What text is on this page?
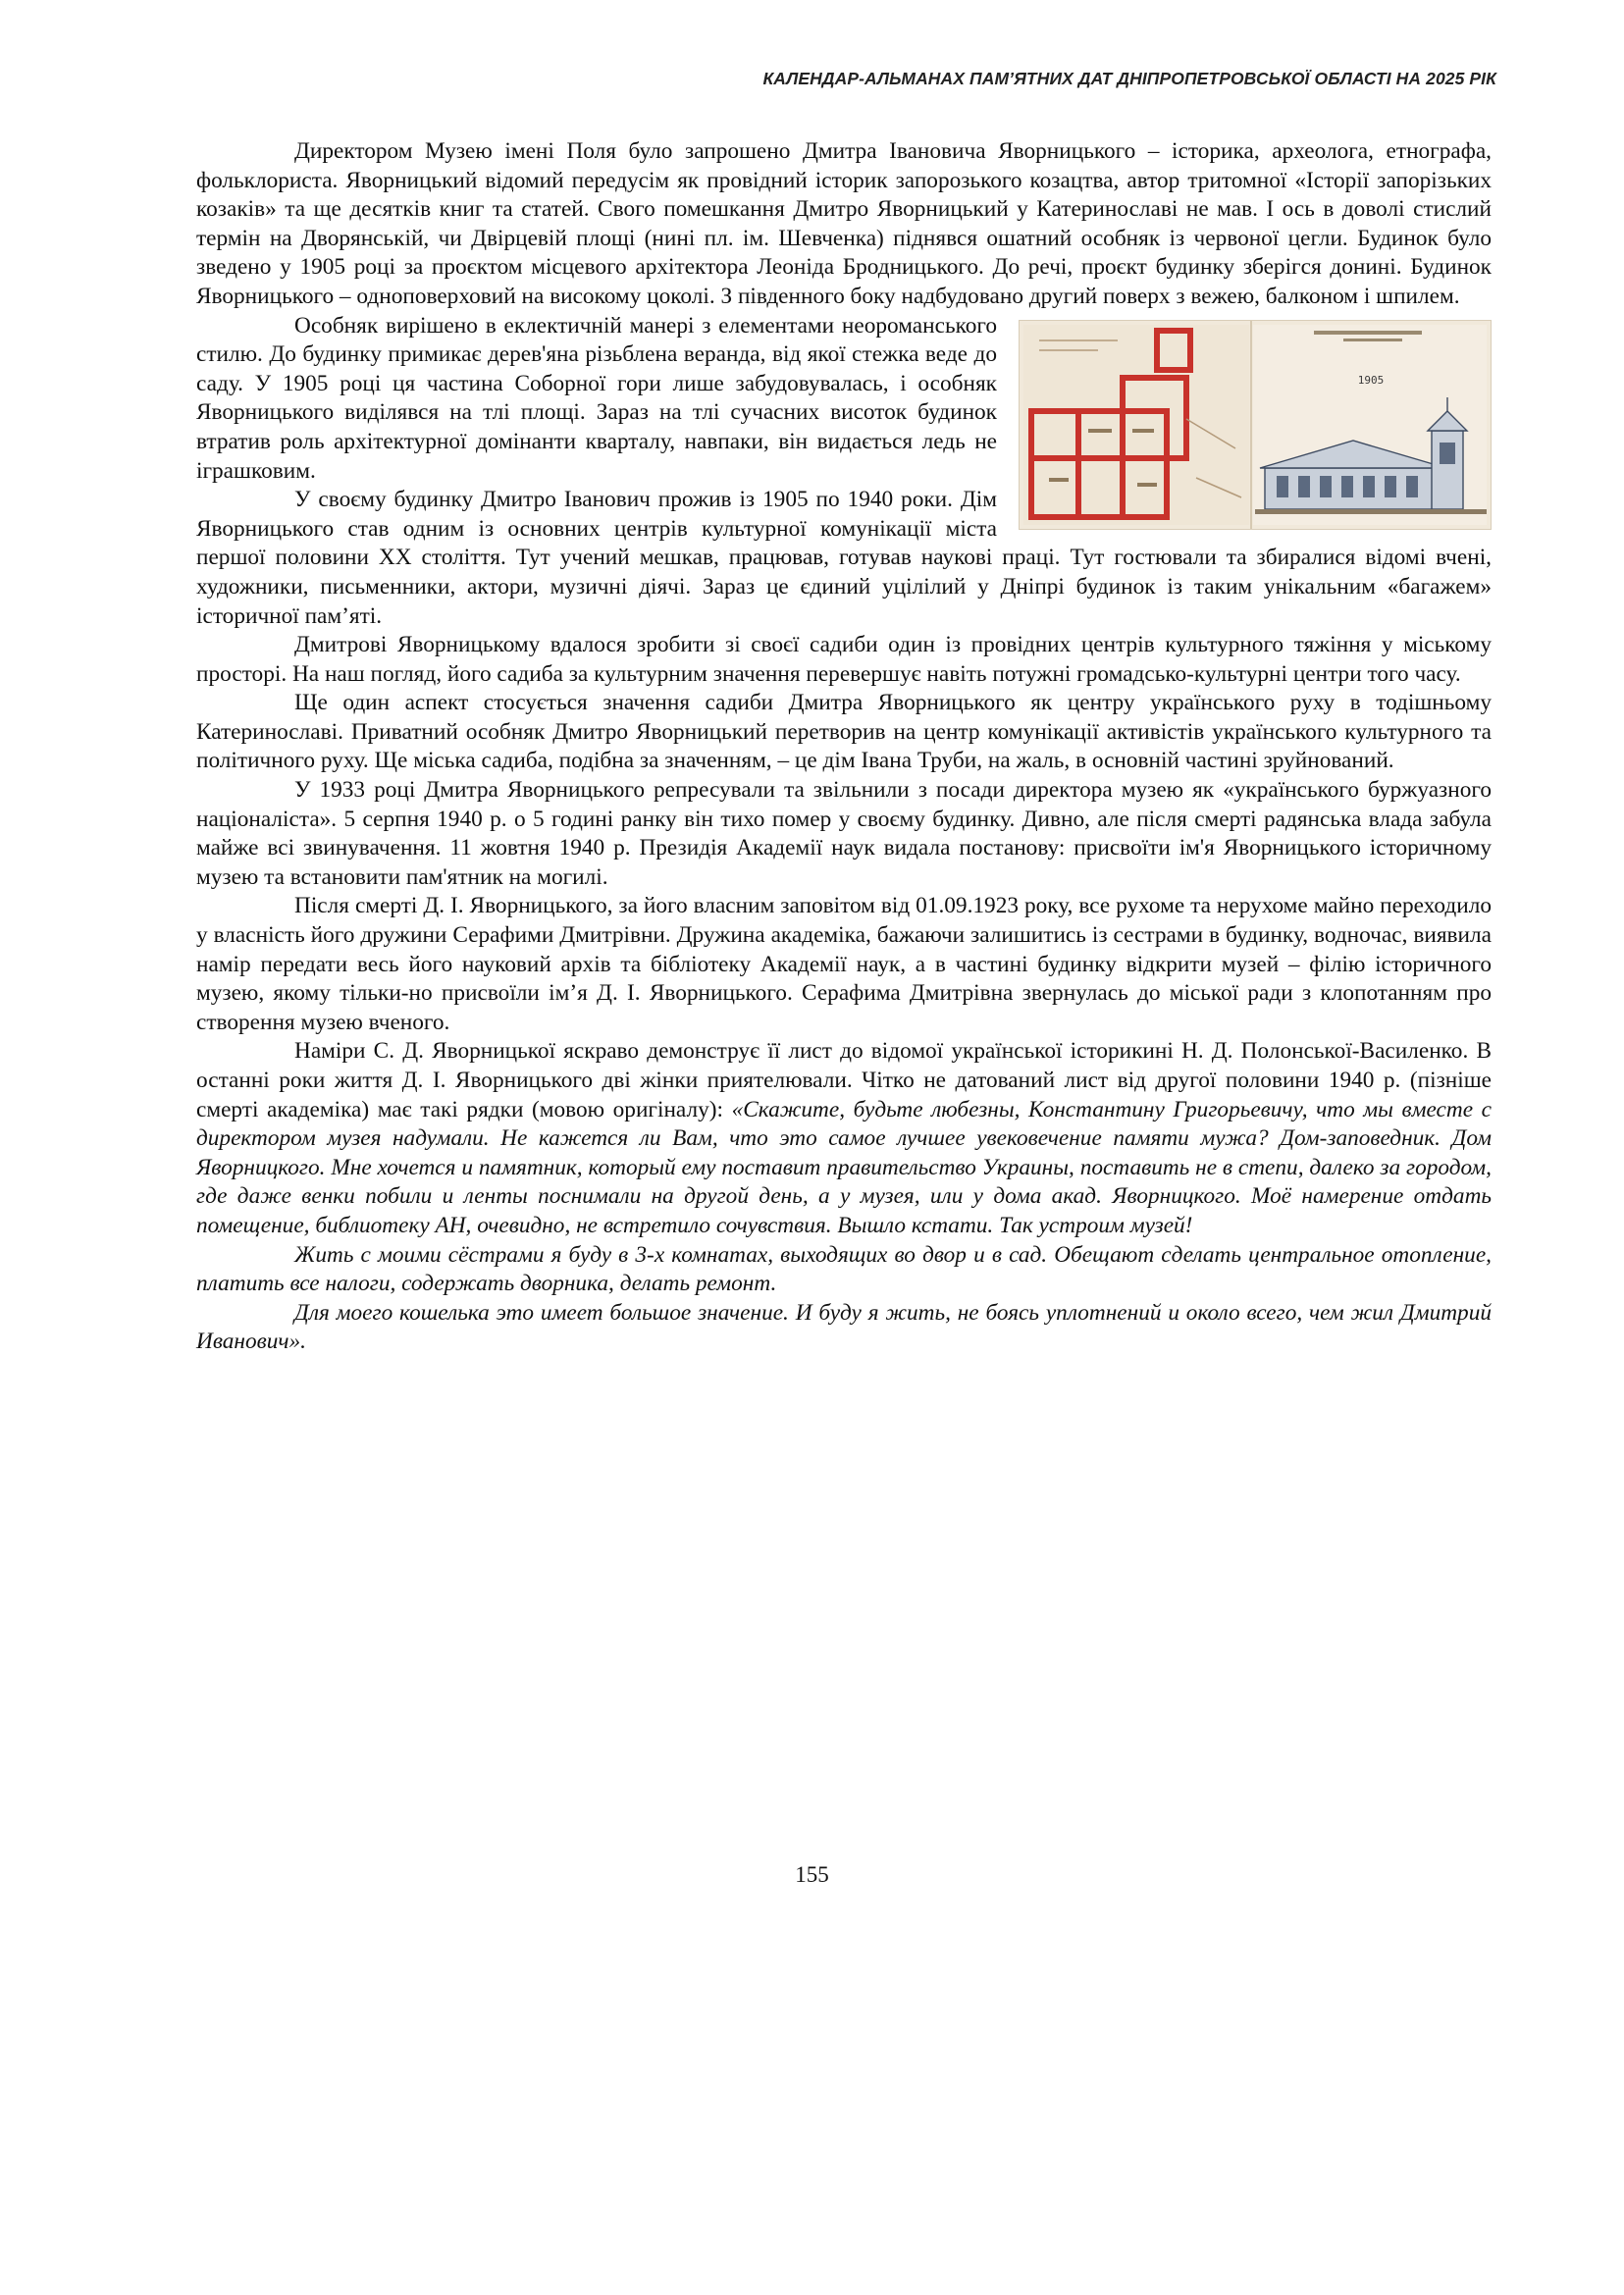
КАЛЕНДАР-АЛЬМАНАХ ПАМ’ЯТНИХ ДАТ ДНІПРОПЕТРОВСЬКОЇ ОБЛАСТІ НА 2025 РІК

Директором Музею імені Поля було запрошено Дмитра Івановича Яворницького – історика, археолога, етнографа, фольклориста. Яворницький відомий передусім як провідний історик запорозького козацтва, автор тритомної «Історії запорізьких козаків» та ще десятків книг та статей. Свого помешкання Дмитро Яворницький у Катеринославі не мав. І ось в доволі стислий термін на Дворянській, чи Двірцевій площі (нині пл. ім. Шевченка) піднявся ошатний особняк із червоної цегли. Будинок було зведено у 1905 році за проєктом місцевого архітектора Леоніда Бродницького. До речі, проєкт будинку зберігся донині. Будинок Яворницького – одноповерховий на високому цоколі. З південного боку надбудовано другий поверх з вежею, балконом і шпилем.

1905

Особняк вирішено в еклектичній манері з елементами неороманського стилю. До будинку примикає дерев'яна різьблена веранда, від якої стежка веде до саду. У 1905 році ця частина Соборної гори лише забудовувалась, і особняк Яворницького виділявся на тлі площі. Зараз на тлі сучасних висоток будинок втратив роль архітектурної домінанти кварталу, навпаки, він видається ледь не іграшковим.

У своєму будинку Дмитро Іванович прожив із 1905 по 1940 роки. Дім Яворницького став одним із основних центрів культурної комунікації міста першої половини ХХ століття. Тут учений мешкав, працював, готував наукові праці. Тут гостювали та збиралися відомі вчені, художники, письменники, актори, музичні діячі. Зараз це єдиний уцілілий у Дніпрі будинок із таким унікальним «багажем» історичної пам’яті.

Дмитрові Яворницькому вдалося зробити зі своєї садиби один із провідних центрів культурного тяжіння у міському просторі. На наш погляд, його садиба за культурним значення перевершує навіть потужні громадсько-культурні центри того часу.

Ще один аспект стосується значення садиби Дмитра Яворницького як центру українського руху в тодішньому Катеринославі. Приватний особняк Дмитро Яворницький перетворив на центр комунікації активістів українського культурного та політичного руху. Ще міська садиба, подібна за значенням, – це дім Івана Труби, на жаль, в основній частині зруйнований.

У 1933 році Дмитра Яворницького репресували та звільнили з посади директора музею як «українського буржуазного націоналіста». 5 серпня 1940 р. о 5 годині ранку він тихо помер у своєму будинку. Дивно, але після смерті радянська влада забула майже всі звинувачення. 11 жовтня 1940 р. Президія Академії наук видала постанову: присвоїти ім'я Яворницького історичному музею та встановити пам'ятник на могилі.

Після смерті Д. І. Яворницького, за його власним заповітом від 01.09.1923 року, все рухоме та нерухоме майно переходило у власність його дружини Серафими Дмитрівни. Дружина академіка, бажаючи залишитись із сестрами в будинку, водночас, виявила намір передати весь його науковий архів та бібліотеку Академії наук, а в частині будинку відкрити музей – філію історичного музею, якому тільки-но присвоїли ім’я Д. І. Яворницького. Серафима Дмитрівна звернулась до міської ради з клопотанням про створення музею вченого.

Наміри С. Д. Яворницької яскраво демонструє її лист до відомої української історикині Н. Д. Полонської-Василенко. В останні роки життя Д. І. Яворницького дві жінки приятелювали. Чітко не датований лист від другої половини 1940 р. (пізніше смерті академіка) має такі рядки (мовою оригіналу): «Скажите, будьте любезны, Константину Григорьевичу, что мы вместе с директором музея надумали. Не кажется ли Вам, что это самое лучшее увековечение памяти мужа? Дом-заповедник. Дом Яворницкого. Мне хочется и памятник, который ему поставит правительство Украины, поставить не в степи, далеко за городом, где даже венки побили и ленты поснимали на другой день, а у музея, или у дома акад. Яворницкого. Моё намерение отдать помещение, библиотеку АН, очевидно, не встретило сочувствия. Вышло кстати. Так устроим музей!

Жить с моими сёстрами я буду в 3-х комнатах, выходящих во двор и в сад. Обещают сделать центральное отопление, платить все налоги, содержать дворника, делать ремонт.

Для моего кошелька это имеет большое значение. И буду я жить, не боясь уплотнений и около всего, чем жил Дмитрий Иванович».

155
